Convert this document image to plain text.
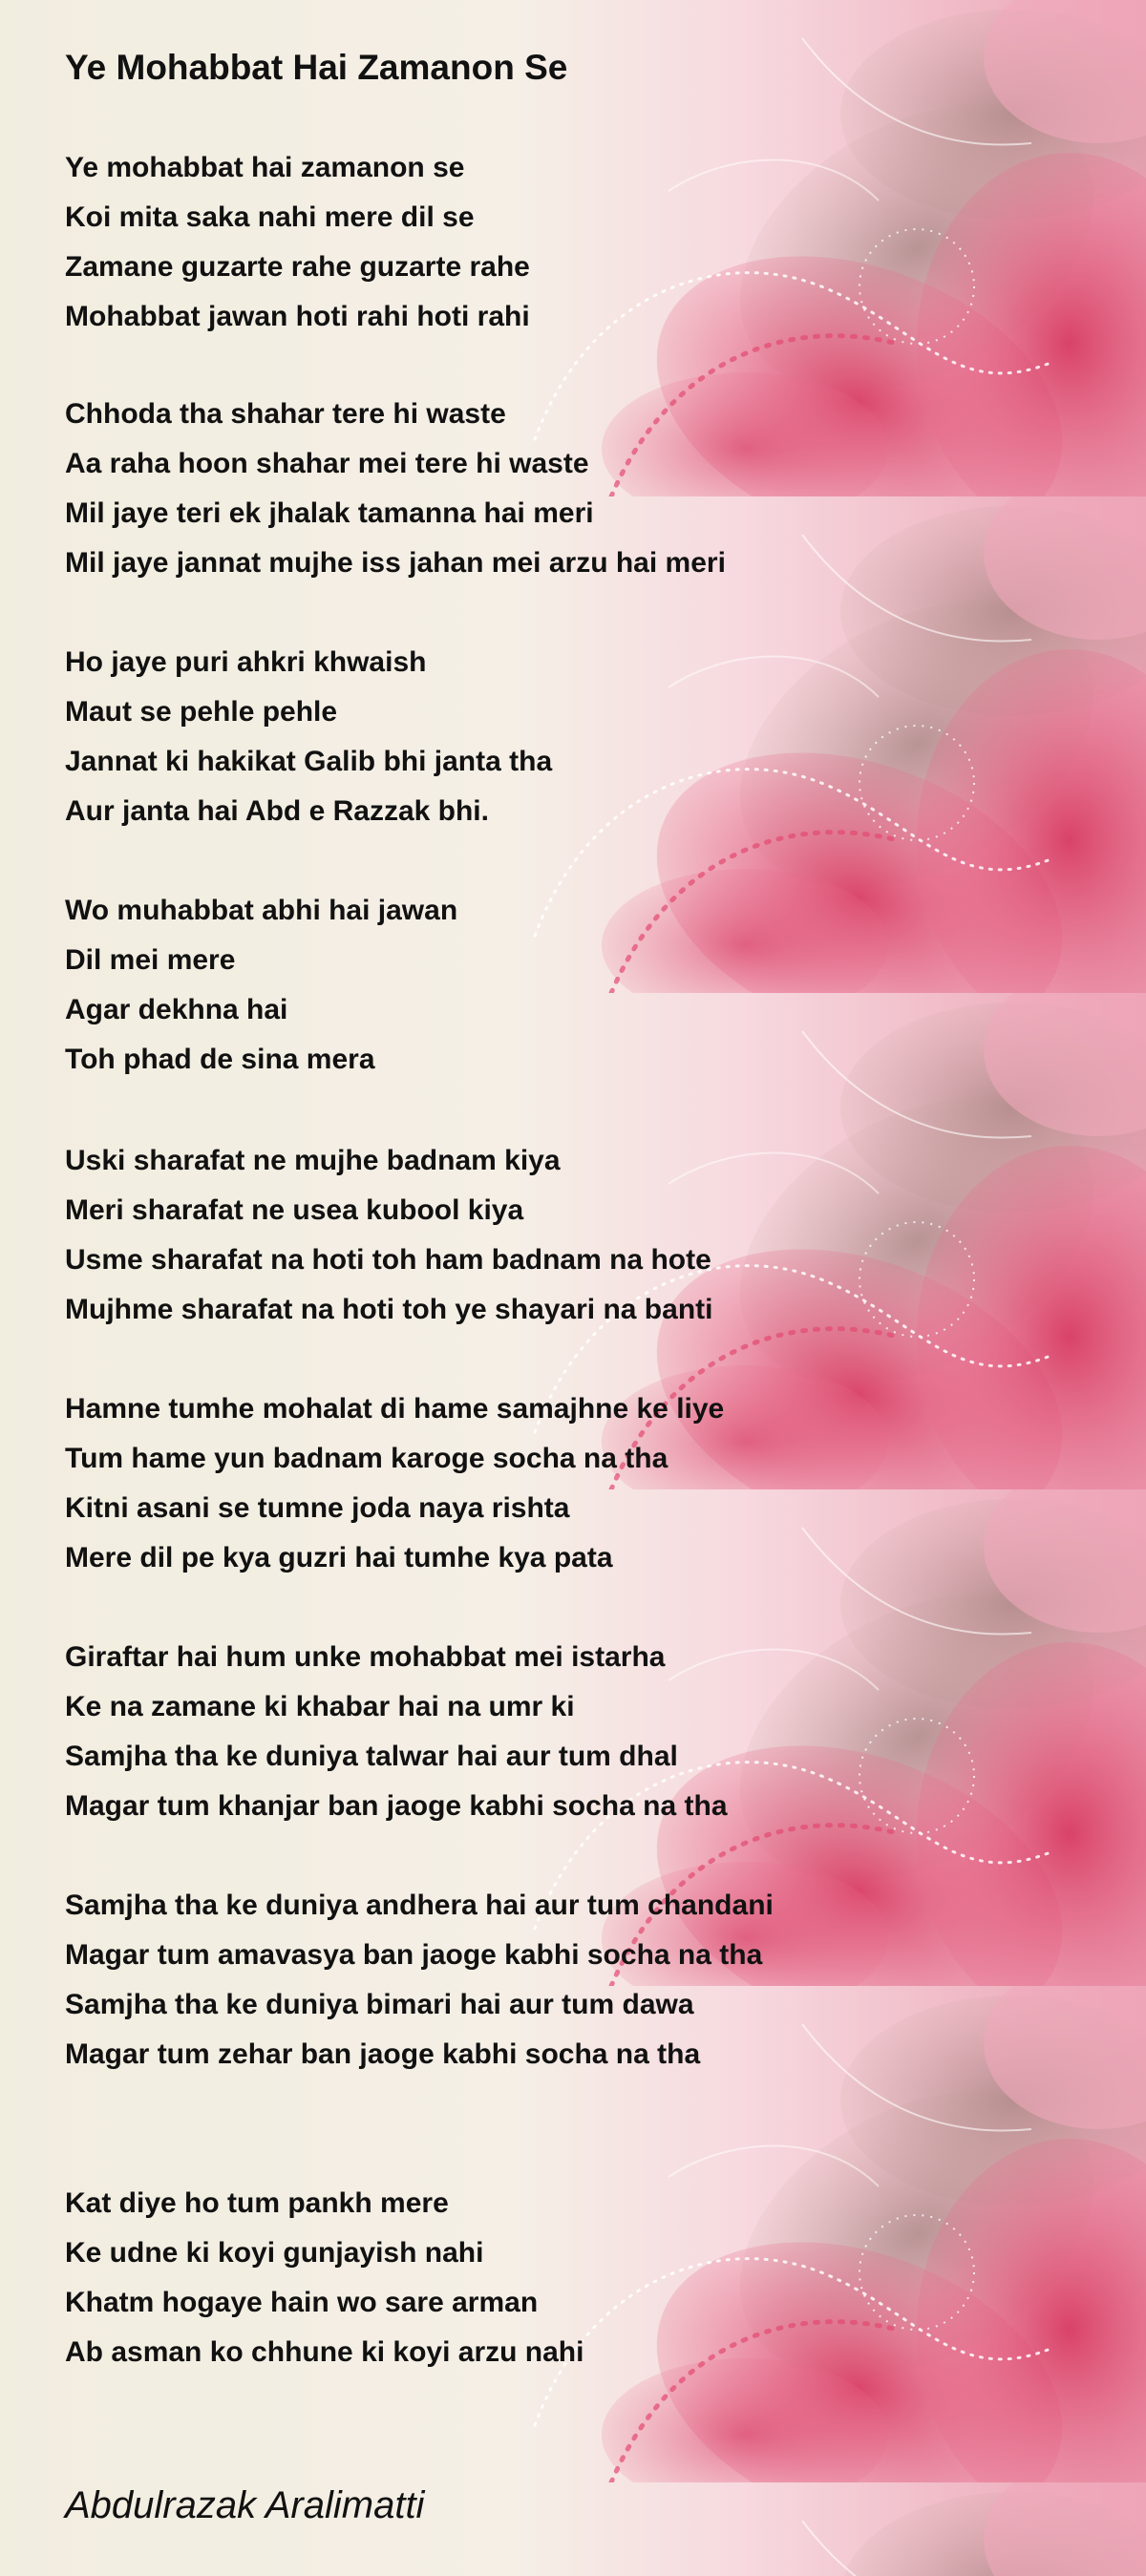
Ye Mohabbat Hai Zamanon Se
Ye mohabbat hai zamanon se
Koi mita saka nahi mere dil se
Zamane guzarte rahe guzarte rahe
Mohabbat jawan hoti rahi hoti rahi
Chhoda tha shahar tere hi waste
Aa raha hoon shahar mei tere hi waste
Mil jaye teri ek jhalak tamanna hai meri
Mil jaye jannat mujhe iss jahan mei arzu hai meri
Ho jaye puri ahkri khwaish
Maut se pehle pehle
Jannat ki hakikat Galib bhi janta tha
Aur janta hai Abd e Razzak bhi.
Wo muhabbat abhi hai jawan
Dil mei mere
Agar dekhna hai
Toh phad de sina mera
Uski sharafat ne mujhe badnam kiya
Meri sharafat ne usea kubool kiya
Usme sharafat na hoti toh ham badnam na hote
Mujhme sharafat na hoti toh ye shayari na banti
Hamne tumhe mohalat di hame samajhne ke liye
Tum hame yun badnam karoge socha na tha
Kitni asani se tumne joda naya rishta
Mere dil pe kya guzri hai tumhe kya pata
Giraftar hai hum unke mohabbat mei istarha
Ke na zamane ki khabar hai na umr ki
Samjha tha ke duniya talwar hai aur tum dhal
Magar tum khanjar ban jaoge kabhi socha na tha
Samjha tha ke duniya andhera hai aur tum chandani
Magar tum amavasya ban jaoge kabhi socha na tha
Samjha tha ke duniya bimari hai aur tum dawa
Magar tum zehar ban jaoge kabhi socha na tha
Kat diye ho tum pankh mere
Ke udne ki koyi gunjayish nahi
Khatm hogaye hain wo sare arman
Ab asman ko chhune ki koyi arzu nahi
Abdulrazak Aralimatti
